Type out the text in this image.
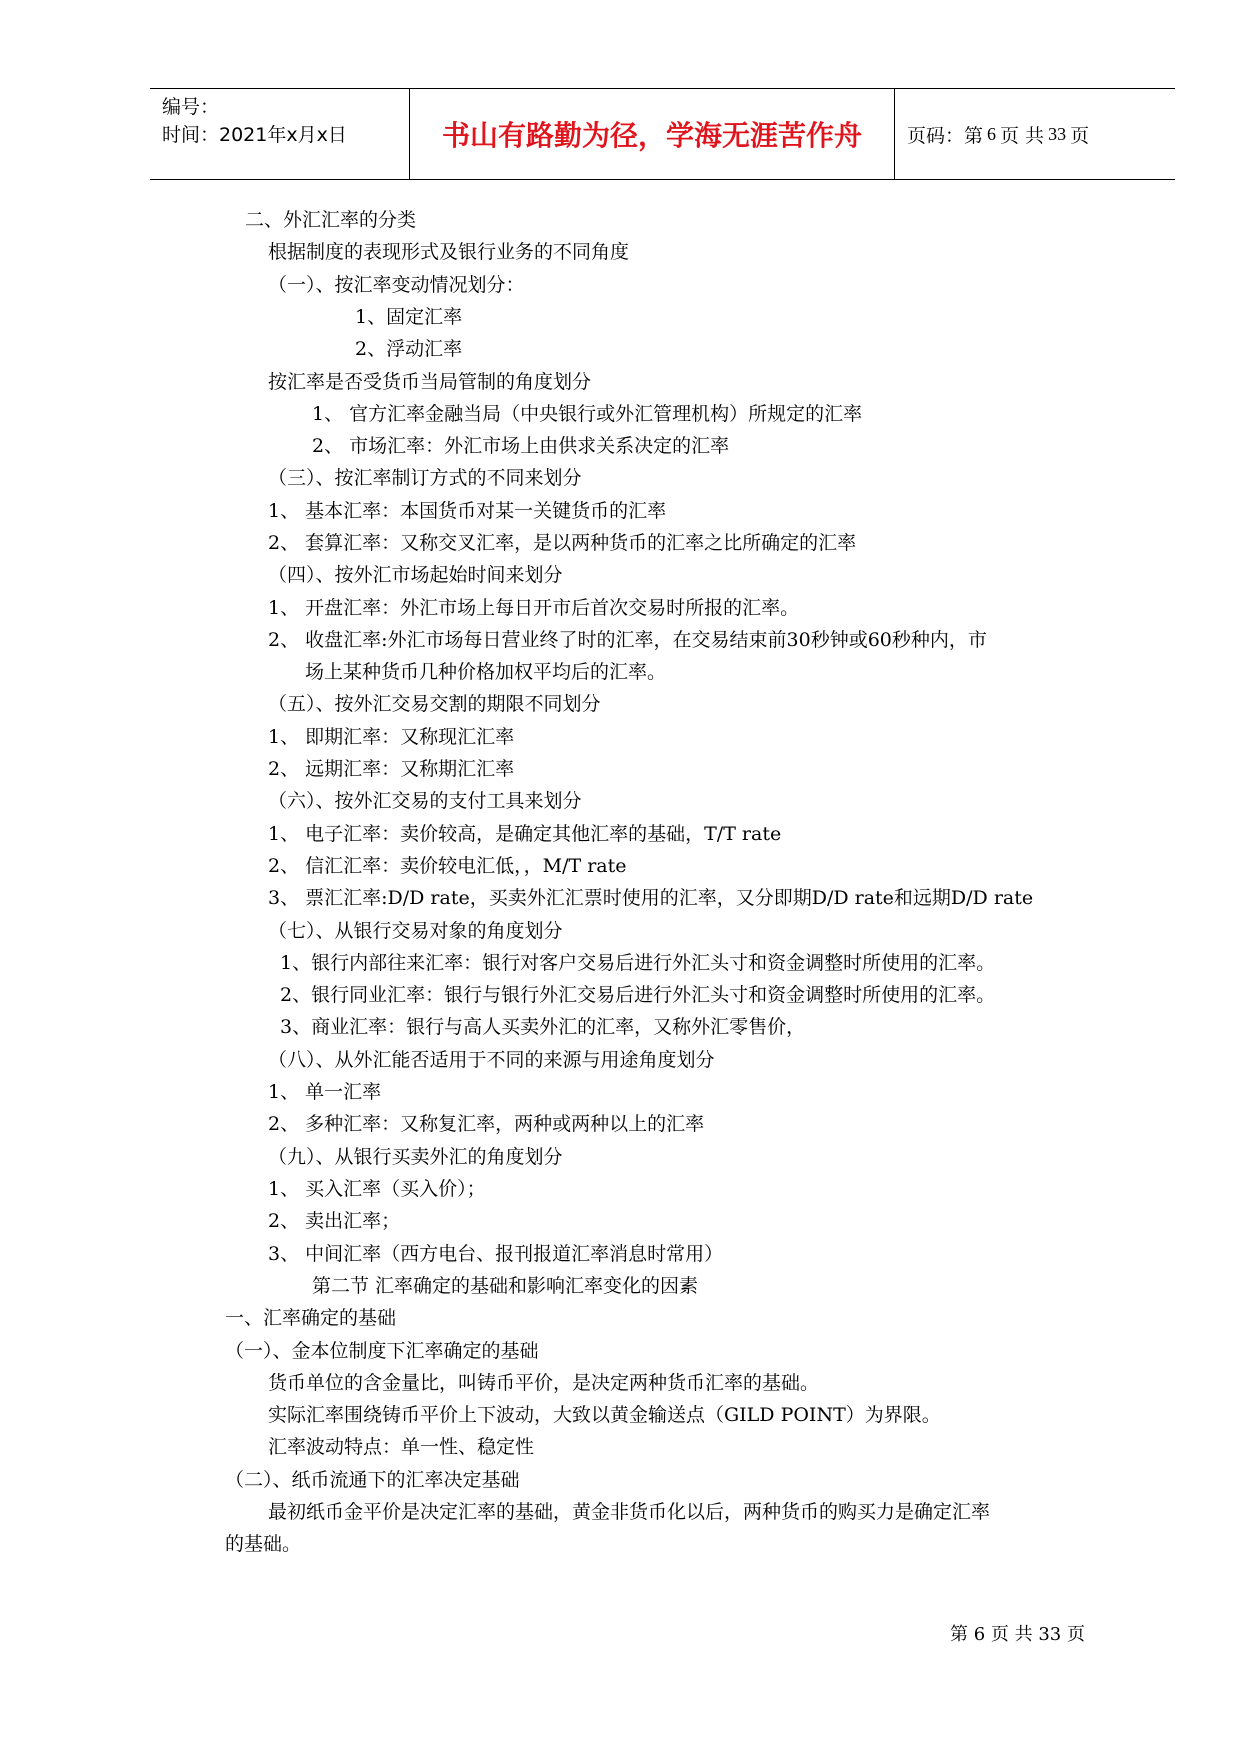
编号：
时间：2021年x月x日	书山有路勤为径，学海无涯苦作舟	页码：第 6 页 共 33 页
二、外汇汇率的分类
根据制度的表现形式及银行业务的不同角度
（一）、按汇率变动情况划分：
1、固定汇率
2、浮动汇率
按汇率是否受货币当局管制的角度划分
1、 官方汇率金融当局（中央银行或外汇管理机构）所规定的汇率
2、 市场汇率：外汇市场上由供求关系决定的汇率
（三）、按汇率制订方式的不同来划分
1、 基本汇率：本国货币对某一关键货币的汇率
2、 套算汇率：又称交叉汇率，是以两种货币的汇率之比所确定的汇率
（四）、按外汇市场起始时间来划分
1、 开盘汇率：外汇市场上每日开市后首次交易时所报的汇率。
2、 收盘汇率:外汇市场每日营业终了时的汇率，在交易结束前30秒钟或60秒种内，市
场上某种货币几种价格加权平均后的汇率。
（五）、按外汇交易交割的期限不同划分
1、 即期汇率：又称现汇汇率
2、 远期汇率：又称期汇汇率
（六）、按外汇交易的支付工具来划分
1、 电子汇率：卖价较高，是确定其他汇率的基础，T/T rate
2、 信汇汇率：卖价较电汇低，，M/T rate
3、 票汇汇率:D/D rate，买卖外汇汇票时使用的汇率，又分即期D/D rate和远期D/D rate
（七）、从银行交易对象的角度划分
1、银行内部往来汇率：银行对客户交易后进行外汇头寸和资金调整时所使用的汇率。
2、银行同业汇率：银行与银行外汇交易后进行外汇头寸和资金调整时所使用的汇率。
3、商业汇率：银行与高人买卖外汇的汇率，又称外汇零售价，
（八）、从外汇能否适用于不同的来源与用途角度划分
1、 单一汇率
2、 多种汇率：又称复汇率，两种或两种以上的汇率
（九）、从银行买卖外汇的角度划分
1、 买入汇率（买入价）；
2、 卖出汇率；
3、 中间汇率（西方电台、报刊报道汇率消息时常用）
第二节 汇率确定的基础和影响汇率变化的因素
一、汇率确定的基础
（一）、金本位制度下汇率确定的基础
货币单位的含金量比，叫铸币平价，是决定两种货币汇率的基础。
实际汇率围绕铸币平价上下波动，大致以黄金输送点（GILD POINT）为界限。
汇率波动特点：单一性、稳定性
（二）、纸币流通下的汇率决定基础
最初纸币金平价是决定汇率的基础，黄金非货币化以后，两种货币的购买力是确定汇率
的基础。
第 6 页 共 33 页
